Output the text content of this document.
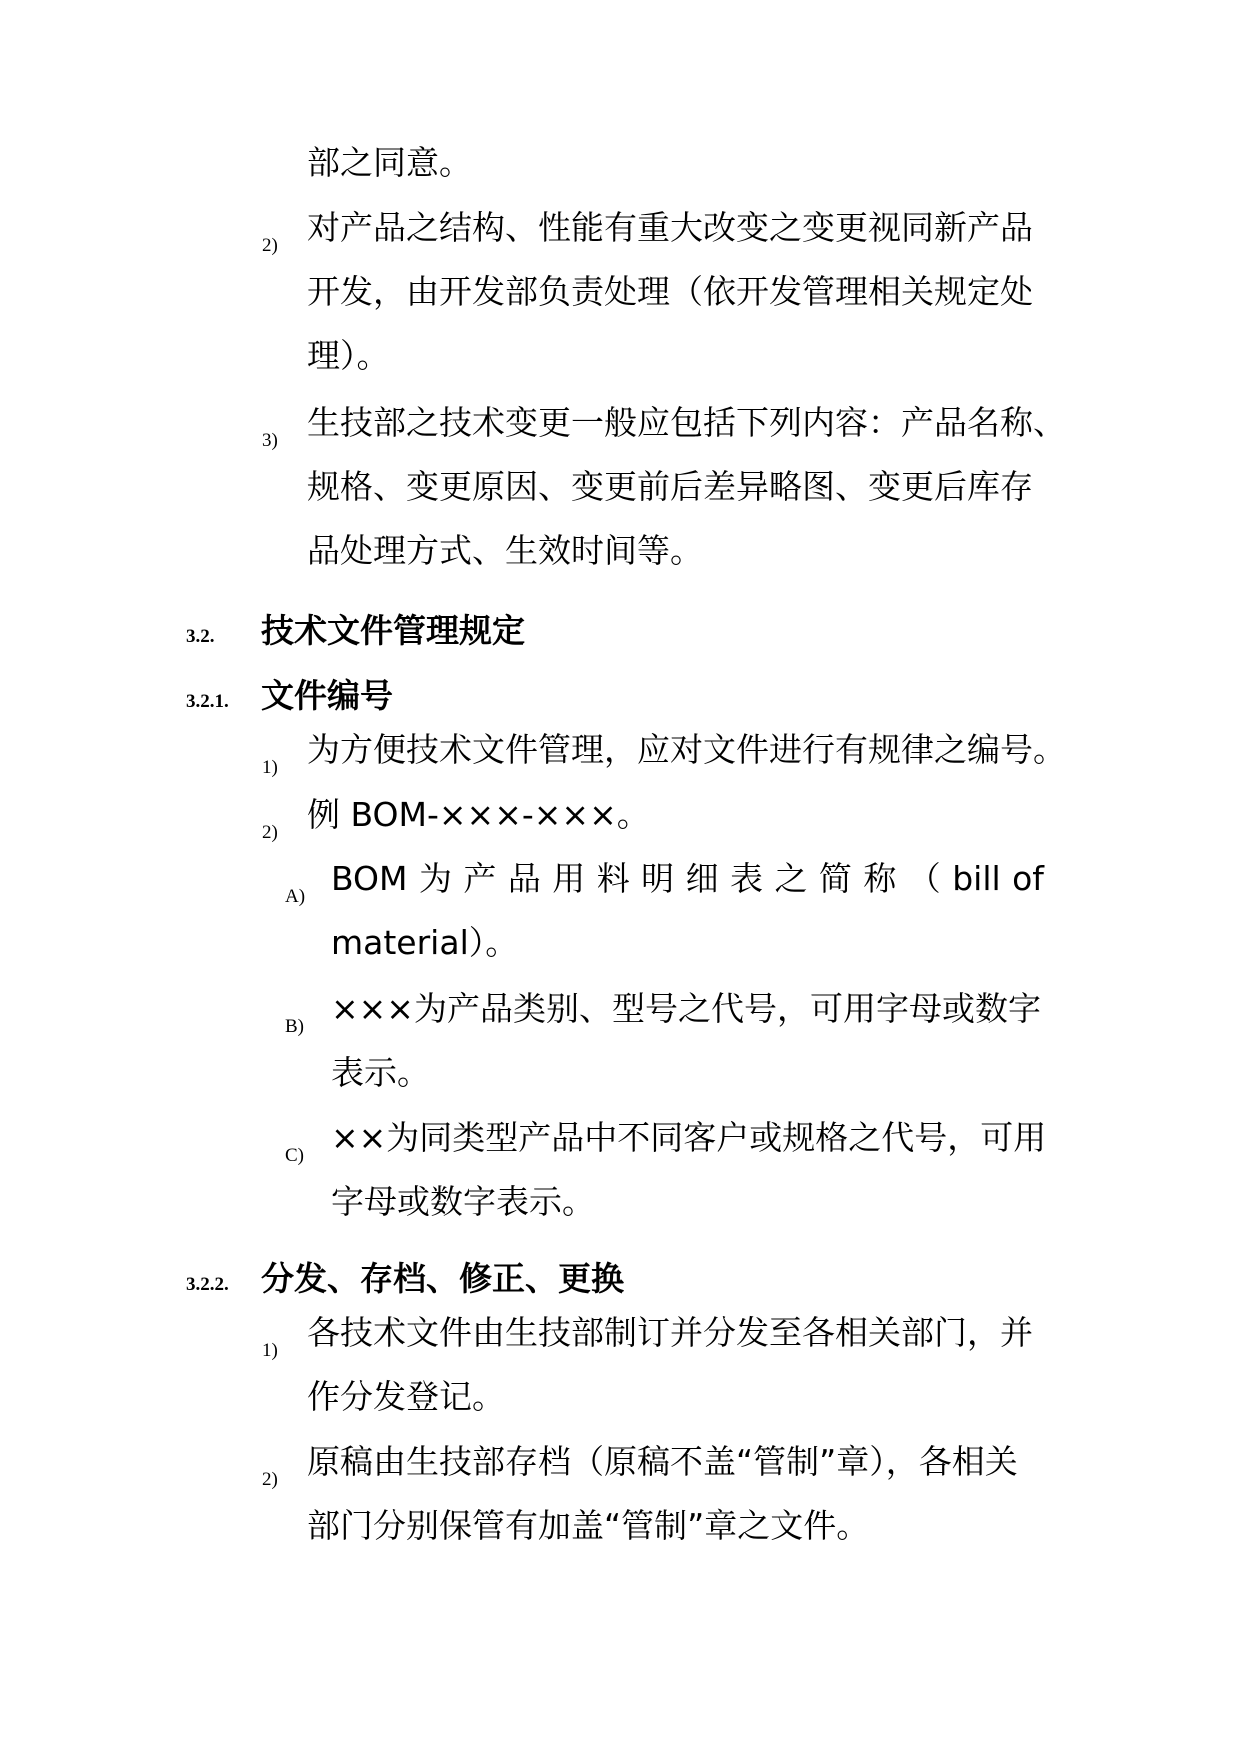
部之同意。
2) 对产品之结构、性能有重大改变之变更视同新产品
开发，由开发部负责处理（依开发管理相关规定处
理）。
3) 生技部之技术变更一般应包括下列内容：产品名称、
规格、变更原因、变更前后差异略图、变更后库存
品处理方式、生效时间等。
3.2. 技术文件管理规定
3.2.1. 文件编号
1) 为方便技术文件管理，应对文件进行有规律之编号。
2) 例 BOM-×××-×××。
A) BOM 为 产 品 用 料 明 细 表 之 简 称 （ bill of
material）。
B) ×××为产品类别、型号之代号，可用字母或数字
表示。
C) ××为同类型产品中不同客户或规格之代号，可用
字母或数字表示。
3.2.2. 分发、存档、修正、更换
1) 各技术文件由生技部制订并分发至各相关部门，并
作分发登记。
2) 原稿由生技部存档（原稿不盖“管制”章），各相关
部门分别保管有加盖“管制”章之文件。
